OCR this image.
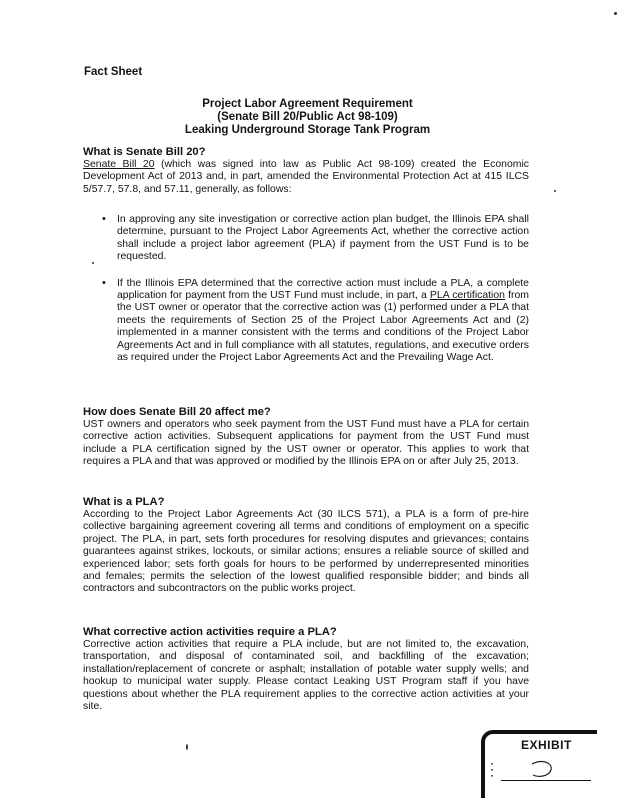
Fact Sheet

Project Labor Agreement Requirement
(Senate Bill 20/Public Act 98-109)
Leaking Underground Storage Tank Program

What is Senate Bill 20?

Senate Bill 20 (which was signed into law as Public Act 98-109) created the Economic Development Act of 2013 and, in part, amended the Environmental Protection Act at 415 ILCS 5/57.7, 57.8, and 57.11, generally, as follows:

• In approving any site investigation or corrective action plan budget, the Illinois EPA shall determine, pursuant to the Project Labor Agreements Act, whether the corrective action shall include a project labor agreement (PLA) if payment from the UST Fund is to be requested.

• If the Illinois EPA determined that the corrective action must include a PLA, a complete application for payment from the UST Fund must include, in part, a PLA certification from the UST owner or operator that the corrective action was (1) performed under a PLA that meets the requirements of Section 25 of the Project Labor Agreements Act and (2) implemented in a manner consistent with the terms and conditions of the Project Labor Agreements Act and in full compliance with all statutes, regulations, and executive orders as required under the Project Labor Agreements Act and the Prevailing Wage Act.

How does Senate Bill 20 affect me?

UST owners and operators who seek payment from the UST Fund must have a PLA for certain corrective action activities. Subsequent applications for payment from the UST Fund must include a PLA certification signed by the UST owner or operator. This applies to work that requires a PLA and that was approved or modified by the Illinois EPA on or after July 25, 2013.

What is a PLA?

According to the Project Labor Agreements Act (30 ILCS 571), a PLA is a form of pre-hire collective bargaining agreement covering all terms and conditions of employment on a specific project. The PLA, in part, sets forth procedures for resolving disputes and grievances; contains guarantees against strikes, lockouts, or similar actions; ensures a reliable source of skilled and experienced labor; sets forth goals for hours to be performed by underrepresented minorities and females; permits the selection of the lowest qualified responsible bidder; and binds all contractors and subcontractors on the public works project.

What corrective action activities require a PLA?

Corrective action activities that require a PLA include, but are not limited to, the excavation, transportation, and disposal of contaminated soil, and backfilling of the excavation; installation/replacement of concrete or asphalt; installation of potable water supply wells; and hookup to municipal water supply. Please contact Leaking UST Program staff if you have questions about whether the PLA requirement applies to the corrective action activities at your site.

EXHIBIT
▪▪▪
